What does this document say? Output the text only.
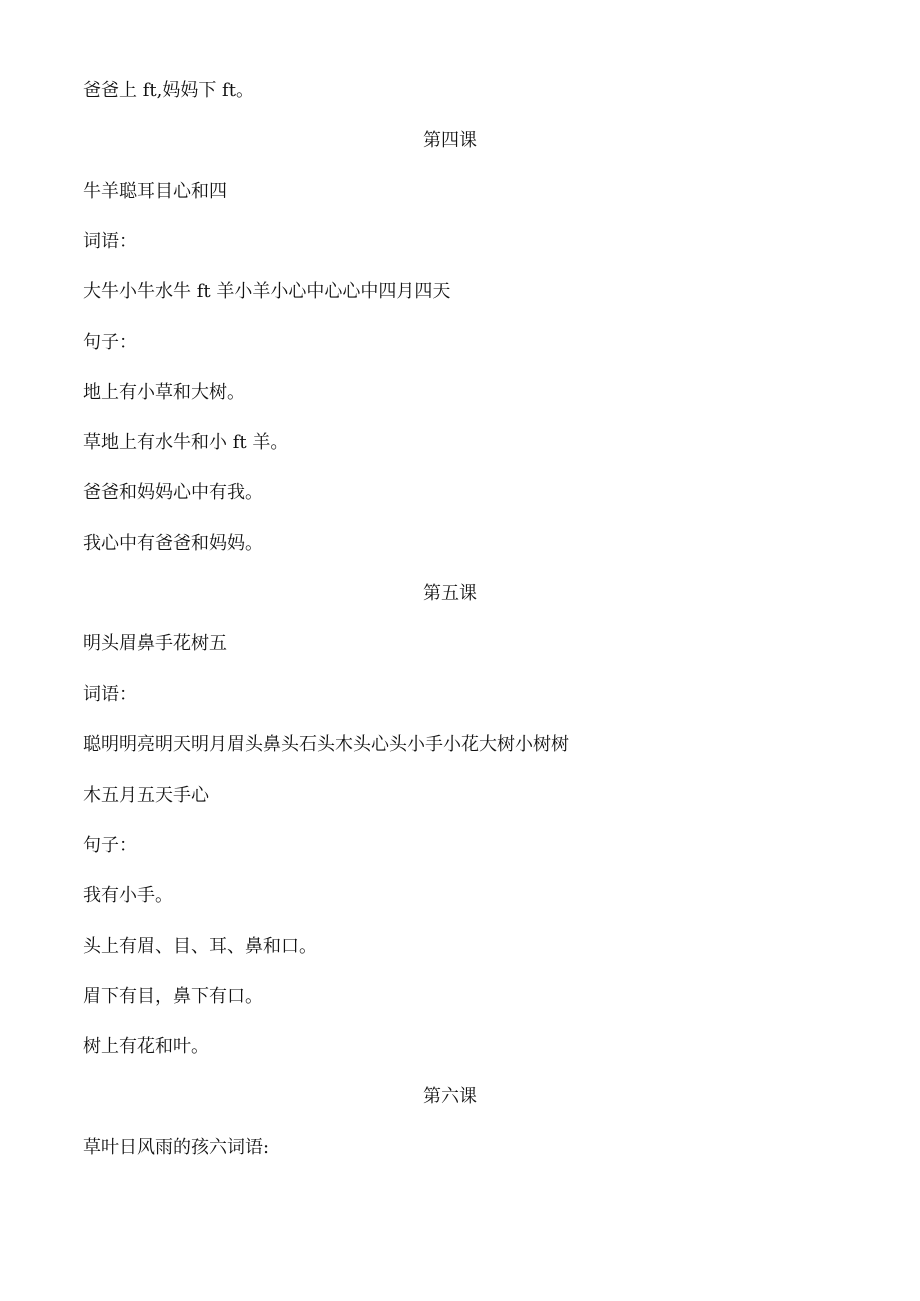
爸爸上 ft,妈妈下 ft。
第四课
牛羊聪耳目心和四
词语：
大牛小牛水牛 ft 羊小羊小心中心心中四月四天
句子：
地上有小草和大树。
草地上有水牛和小 ft 羊。
爸爸和妈妈心中有我。
我心中有爸爸和妈妈。
第五课
明头眉鼻手花树五
词语：
聪明明亮明天明月眉头鼻头石头木头心头小手小花大树小树树
木五月五天手心
句子：
我有小手。
头上有眉、目、耳、鼻和口。
眉下有目，鼻下有口。
树上有花和叶。
第六课
草叶日风雨的孩六词语:
